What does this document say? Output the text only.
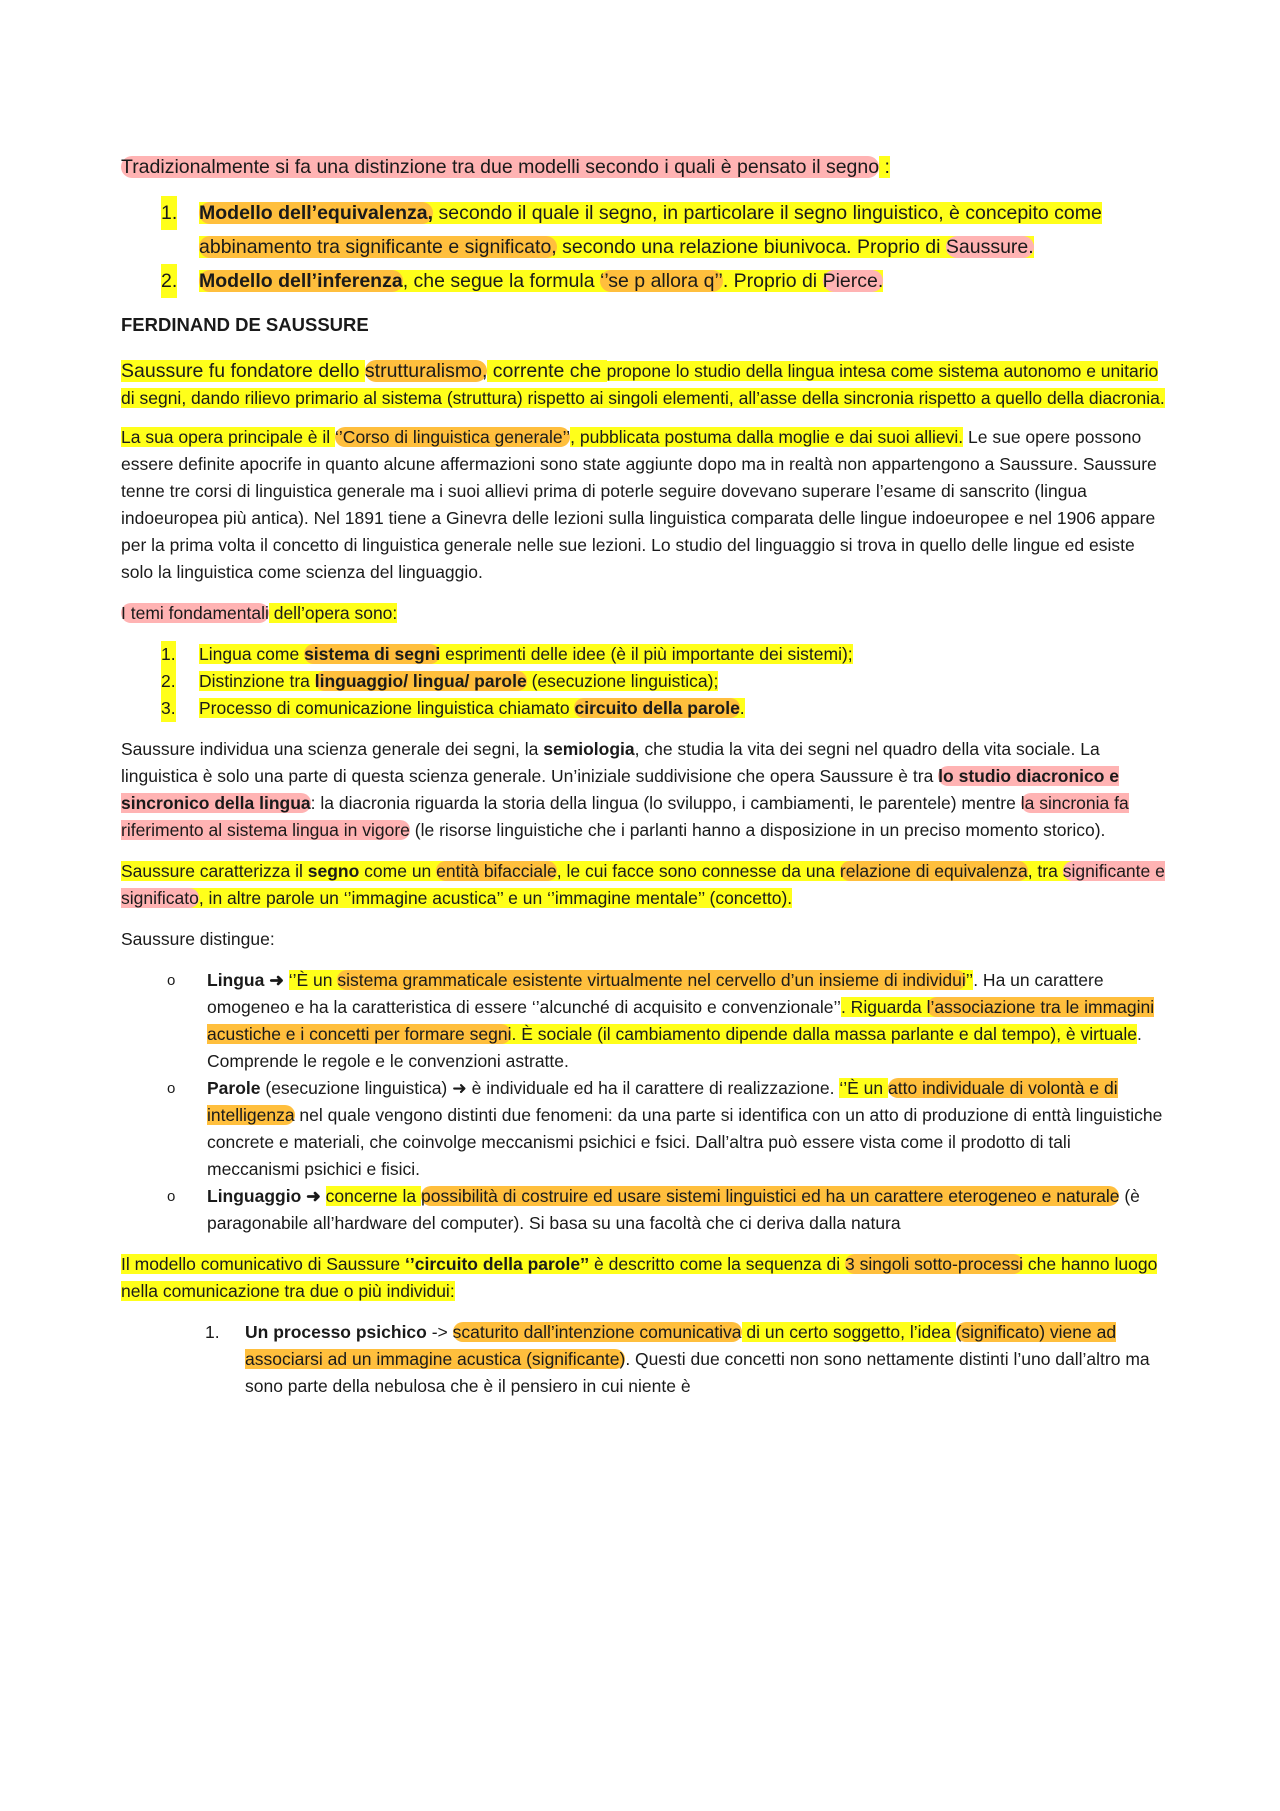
Tradizionalmente si fa una distinzione tra due modelli secondo i quali è pensato il segno :

1. Modello dell’equivalenza, secondo il quale il segno, in particolare il segno linguistico, è concepito come abbinamento tra significante e significato, secondo una relazione biunivoca. Proprio di Saussure.
2. Modello dell’inferenza, che segue la formula ‘’se p allora q’’. Proprio di Pierce.

FERDINAND DE SAUSSURE

Saussure fu fondatore dello strutturalismo, corrente che propone lo studio della lingua intesa come sistema autonomo e unitario di segni, dando rilievo primario al sistema (struttura) rispetto ai singoli elementi, all’asse della sincronia rispetto a quello della diacronia.

La sua opera principale è il ‘’Corso di linguistica generale’’, pubblicata postuma dalla moglie e dai suoi allievi. Le sue opere possono essere definite apocrife in quanto alcune affermazioni sono state aggiunte dopo ma in realtà non appartengono a Saussure. Saussure tenne tre corsi di linguistica generale ma i suoi allievi prima di poterle seguire dovevano superare l’esame di sanscrito (lingua indoeuropea più antica). Nel 1891 tiene a Ginevra delle lezioni sulla linguistica comparata delle lingue indoeuropee e nel 1906 appare per la prima volta il concetto di linguistica generale nelle sue lezioni. Lo studio del linguaggio si trova in quello delle lingue ed esiste solo la linguistica come scienza del linguaggio.

I temi fondamentali dell’opera sono:

1. Lingua come sistema di segni esprimenti delle idee (è il più importante dei sistemi);
2. Distinzione tra linguaggio/ lingua/ parole (esecuzione linguistica);
3. Processo di comunicazione linguistica chiamato circuito della parole.

Saussure individua una scienza generale dei segni, la semiologia, che studia la vita dei segni nel quadro della vita sociale. La linguistica è solo una parte di questa scienza generale. Un’iniziale suddivisione che opera Saussure è tra lo studio diacronico e sincronico della lingua: la diacronia riguarda la storia della lingua (lo sviluppo, i cambiamenti, le parentele) mentre la sincronia fa riferimento al sistema lingua in vigore (le risorse linguistiche che i parlanti hanno a disposizione in un preciso momento storico).

Saussure caratterizza il segno come un entità bifacciale, le cui facce sono connesse da una relazione di equivalenza, tra significante e significato, in altre parole un ‘’immagine acustica’’ e un ‘’immagine mentale’’ (concetto).

Saussure distingue:

o Lingua ➜ ‘’È un sistema grammaticale esistente virtualmente nel cervello d’un insieme di individui’’. Ha un carattere omogeneo e ha la caratteristica di essere ‘’alcunché di acquisito e convenzionale’’. Riguarda l’associazione tra le immagini acustiche e i concetti per formare segni. È sociale (il cambiamento dipende dalla massa parlante e dal tempo), è virtuale. Comprende le regole e le convenzioni astratte.
o Parole (esecuzione linguistica) ➜ è individuale ed ha il carattere di realizzazione. ‘’È un atto individuale di volontà e di intelligenza nel quale vengono distinti due fenomeni: da una parte si identifica con un atto di produzione di enttà linguistiche concrete e materiali, che coinvolge meccanismi psichici e fsici. Dall’altra può essere vista come il prodotto di tali meccanismi psichici e fisici.
o Linguaggio ➜ concerne la possibilità di costruire ed usare sistemi linguistici ed ha un carattere eterogeneo e naturale (è paragonabile all’hardware del computer). Si basa su una facoltà che ci deriva dalla natura

Il modello comunicativo di Saussure ‘’circuito della parole’’ è descritto come la sequenza di 3 singoli sotto-processi che hanno luogo nella comunicazione tra due o più individui:

1. Un processo psichico -> scaturito dall’intenzione comunicativa di un certo soggetto, l’idea (significato) viene ad associarsi ad un immagine acustica (significante). Questi due concetti non sono nettamente distinti l’uno dall’altro ma sono parte della nebulosa che è il pensiero in cui niente è
